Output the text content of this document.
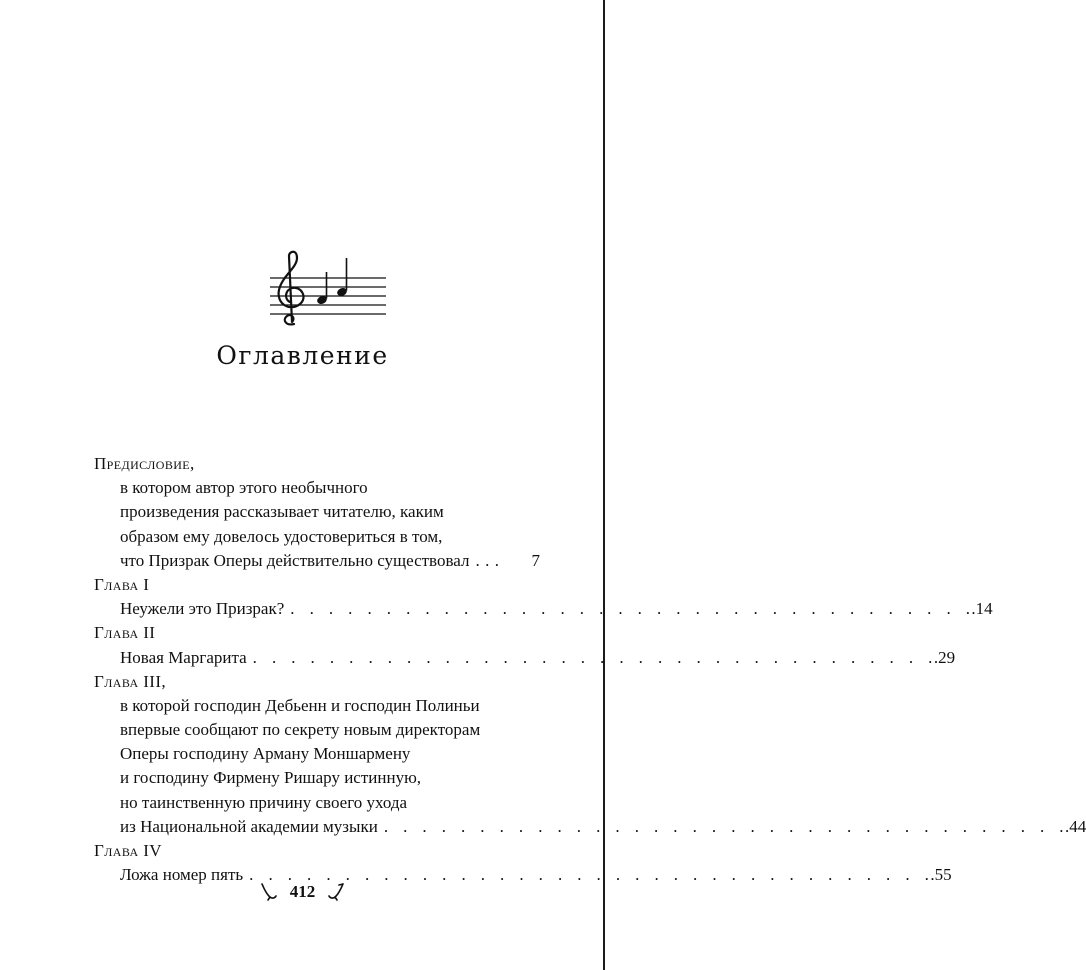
Оглавление
Предисловие,
в котором автор этого необычного
произведения рассказывает читателю, каким
образом ему довелось удостовериться в том,
что Призрак Оперы действительно существовал ...	7
Глава I
Неужели это Призрак? . . . . . . . . . . . . . . . . . . . . . . . . . . . . . . . . . . . .
.14
Глава II
Новая Маргарита . . . . . . . . . . . . . . . . . . . . . . . . . . . . . . . . . . . .
.29
Глава III,
в которой господин Дебьенн и господин Полиньи
впервые сообщают по секрету новым директорам
Оперы господину Арману Моншармену
и господину Фирмену Ришару истинную,
но таинственную причину своего ухода
из Национальной академии музыки . . . . . . . . . . . . . . . . . . . . . . . . . . . . . . . . . . . .
.44
Глава IV
Ложа номер пять . . . . . . . . . . . . . . . . . . . . . . . . . . . . . . . . . . . .
.55
412
